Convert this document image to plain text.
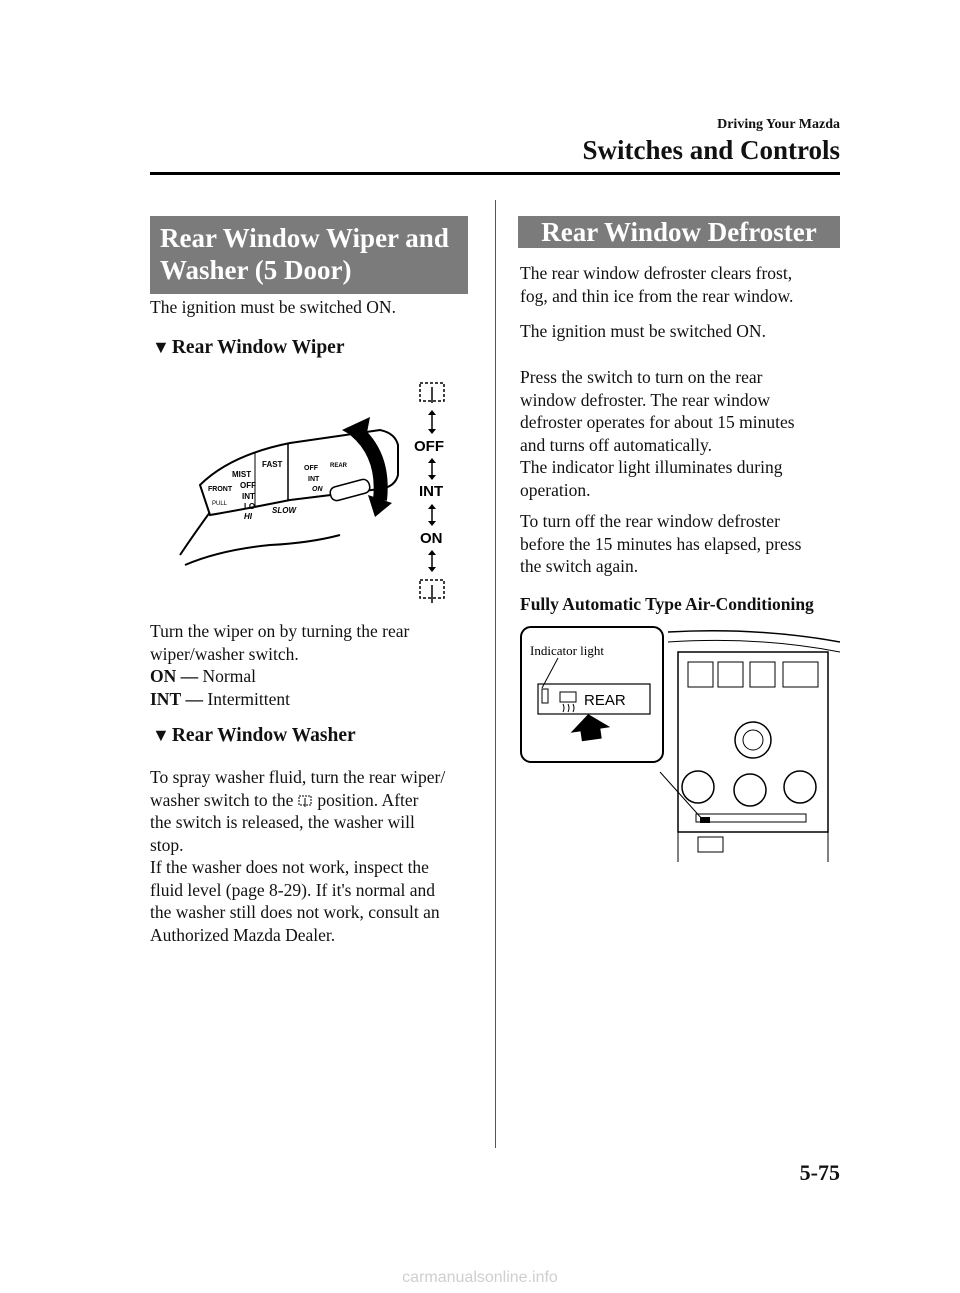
Driving Your Mazda
Switches and Controls
Rear Window Wiper and Washer (5 Door)
The ignition must be switched ON.
▼ Rear Window Wiper
FRONT
PULL
MIST
OFF
INT
LO
HI
FAST
SLOW
OFF
INT
ON
REAR
OFF
INT
ON
Turn the wiper on by turning the rear
wiper/washer switch.
ON — Normal
INT — Intermittent
▼ Rear Window Washer
To spray washer fluid, turn the rear wiper/
washer switch to the position. After
the switch is released, the washer will
stop.
If the washer does not work, inspect the
fluid level (page 8-29). If it's normal and
the washer still does not work, consult an
Authorized Mazda Dealer.
Rear Window Defroster
The rear window defroster clears frost,
fog, and thin ice from the rear window.
The ignition must be switched ON.
Press the switch to turn on the rear
window defroster. The rear window
defroster operates for about 15 minutes
and turns off automatically.
The indicator light illuminates during
operation.
To turn off the rear window defroster
before the 15 minutes has elapsed, press
the switch again.
Fully Automatic Type Air-Conditioning
Indicator light
REAR
5-75
carmanualsonline.info
